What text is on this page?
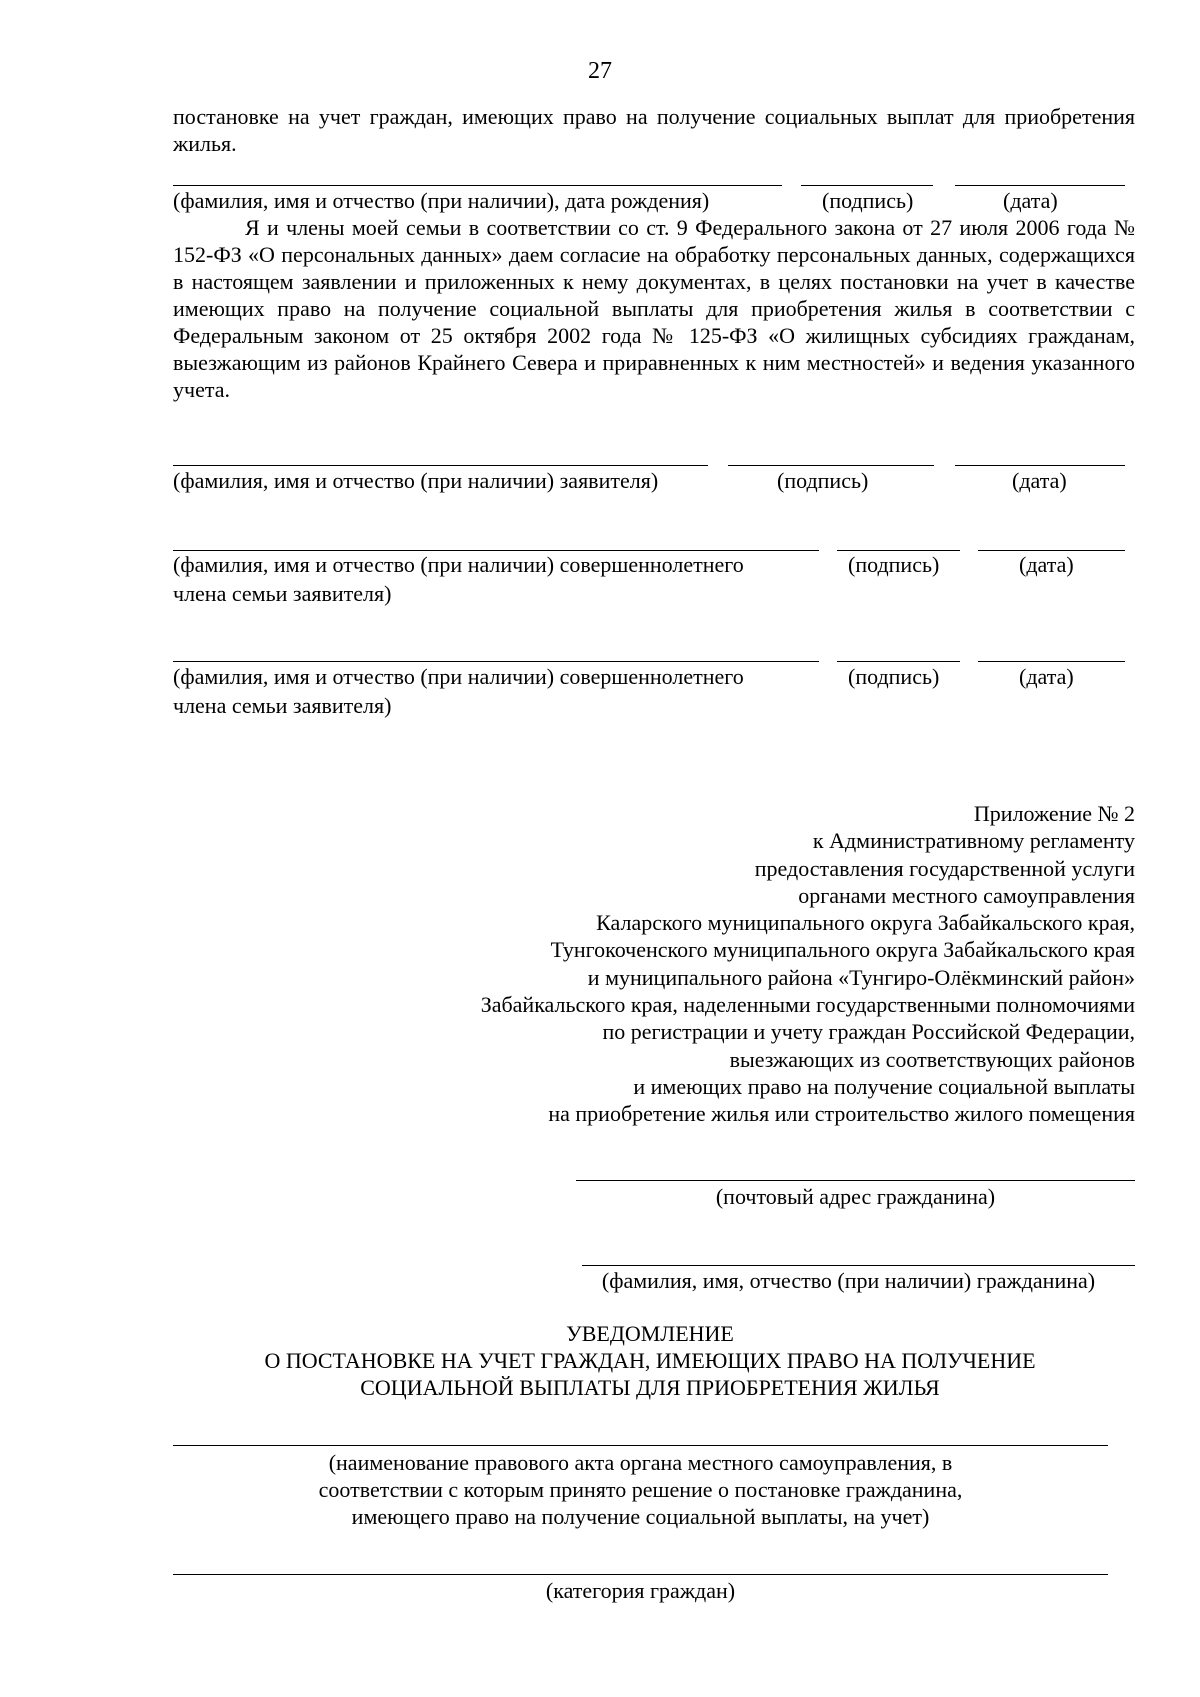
27

постановке на учет граждан, имеющих право на получение социальных выплат для приобретения жилья.

(фамилия, имя и отчество (при наличии), дата рождения)	(подпись)	(дата)

Я и члены моей семьи в соответствии со ст. 9 Федерального закона от 27 июля 2006 года № 152-ФЗ «О персональных данных» даем согласие на обработку персональных данных, содержащихся в настоящем заявлении и приложенных к нему документах, в целях постановки на учет в качестве имеющих право на получение социальной выплаты для приобретения жилья в соответствии с Федеральным законом от 25 октября 2002 года № 125-ФЗ «О жилищных субсидиях гражданам, выезжающим из районов Крайнего Севера и приравненных к ним местностей» и ведения указанного учета.

(фамилия, имя и отчество (при наличии) заявителя)	(подпись)	(дата)
(фамилия, имя и отчество (при наличии) совершеннолетнего
члена семьи заявителя)
(подпись)	(дата)
(фамилия, имя и отчество (при наличии) совершеннолетнего
члена семьи заявителя)
(подпись)	(дата)
Приложение № 2
к Административному регламенту
предоставления государственной услуги
органами местного самоуправления
Каларского муниципального округа Забайкальского края,
Тунгокоченского муниципального округа Забайкальского края
и муниципального района «Тунгиро-Олёкминский район»
Забайкальского края, наделенными государственными полномочиями
по регистрации и учету граждан Российской Федерации,
выезжающих из соответствующих районов
и имеющих право на получение социальной выплаты
на приобретение жилья или строительство жилого помещения
(почтовый адрес гражданина)
(фамилия, имя, отчество (при наличии) гражданина)
УВЕДОМЛЕНИЕ
О ПОСТАНОВКЕ НА УЧЕТ ГРАЖДАН, ИМЕЮЩИХ ПРАВО НА ПОЛУЧЕНИЕ
СОЦИАЛЬНОЙ ВЫПЛАТЫ ДЛЯ ПРИОБРЕТЕНИЯ ЖИЛЬЯ
(наименование правового акта органа местного самоуправления, в
соответствии с которым принято решение о постановке гражданина,
имеющего право на получение социальной выплаты, на учет)
(категория граждан)
